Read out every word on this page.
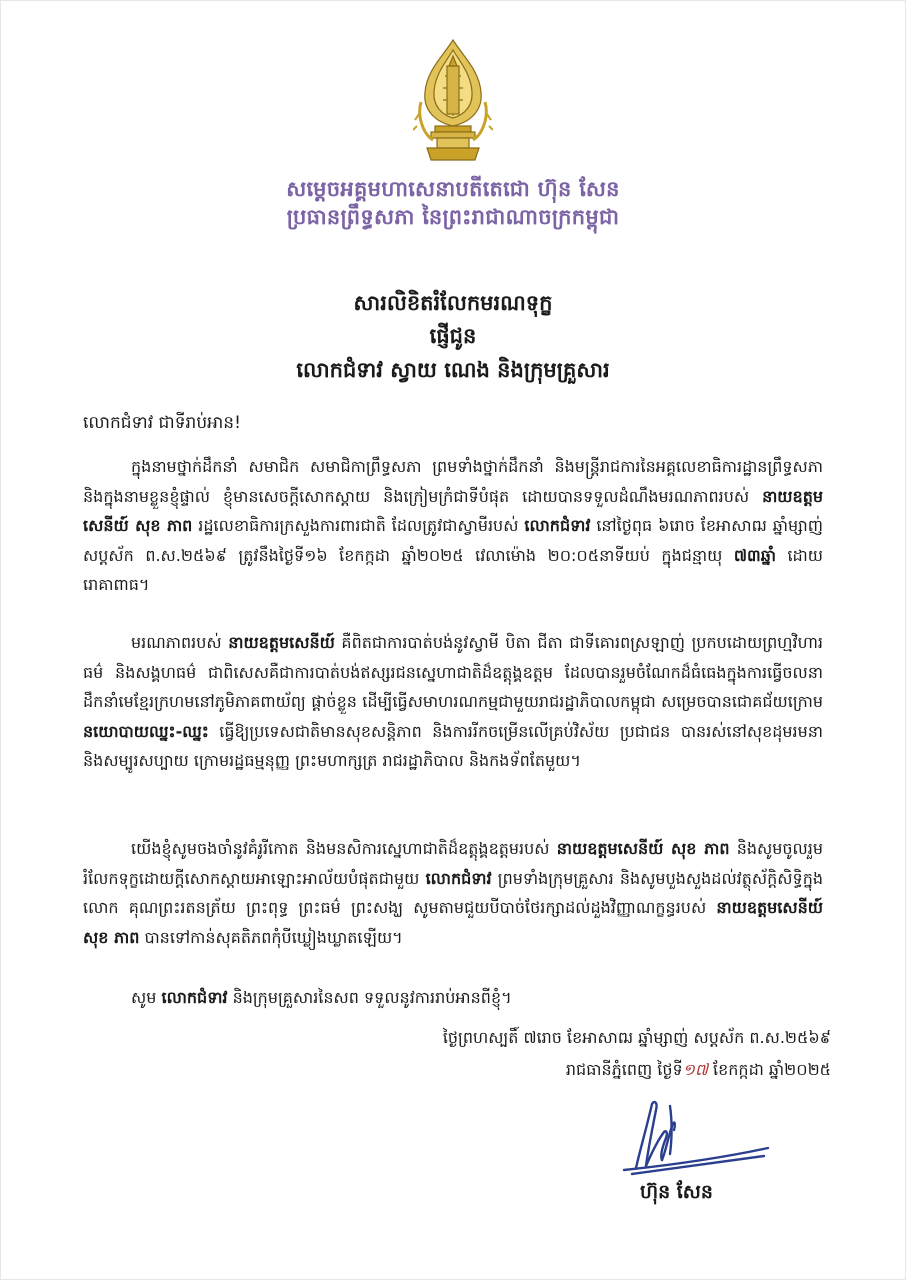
សម្តេចអគ្គមហាសេនាបតីតេជោ ហ៊ុន សែន
ប្រធានព្រឹទ្ធសភា នៃព្រះរាជាណាចក្រកម្ពុជា
សារលិខិតរំលែកមរណទុក្ខ
ផ្ញើជូន
លោកជំទាវ ស្វាយ ណេង និងក្រុមគ្រួសារ
លោកជំទាវ ជាទីរាប់អាន!

ក្នុងនាមថ្នាក់ដឹកនាំ សមាជិក សមាជិកាព្រឹទ្ធសភា ព្រមទាំងថ្នាក់ដឹកនាំ និងមន្ត្រីរាជការនៃអគ្គលេខាធិការដ្ឋានព្រឹទ្ធសភា និងក្នុងនាមខ្លួនខ្ញុំផ្ទាល់ ខ្ញុំមានសេចក្តីសោកស្តាយ និងក្រៀមក្រំជាទីបំផុត ដោយបានទទួលដំណឹងមរណភាពរបស់ នាយឧត្តមសេនីយ៍ សុខ ភាព រដ្ឋលេខាធិការក្រសួងការពារជាតិ ដែលត្រូវជាស្វាមីរបស់ លោកជំទាវ នៅថ្ងៃពុធ ៦រោច ខែអាសាឍ ឆ្នាំម្សាញ់ សប្តស័ក ព.ស.២៥៦៩ ត្រូវនឹងថ្ងៃទី១៦ ខែកក្កដា ឆ្នាំ២០២៥ វេលាម៉ោង ២០:០៥នាទីយប់ ក្នុងជន្មាយុ ៧៣ឆ្នាំ ដោយរោគាពាធ។

មរណភាពរបស់ នាយឧត្តមសេនីយ៍ គឺពិតជាការបាត់បង់នូវស្វាមី បិតា ជីតា ជាទីគោរពស្រឡាញ់ ប្រកបដោយព្រហ្មវិហារធម៌ និងសង្គហធម៌ ជាពិសេសគឺជាការបាត់បង់ឥស្សរជនស្នេហាជាតិដ៏ឧត្តុង្គឧត្តម ដែលបានរួមចំណែកដ៏ធំធេងក្នុងការធ្វើចលនាដឹកនាំមេខ្មែរក្រហមនៅភូមិភាគពាយ័ព្យ ផ្តាច់ខ្លួន ដើម្បីធ្វើសមាហរណកម្មជាមួយរាជរដ្ឋាភិបាលកម្ពុជា សម្រេចបានជោគជ័យក្រោម នយោបាយឈ្នះ-ឈ្នះ ធ្វើឱ្យប្រទេសជាតិមានសុខសន្តិភាព និងការរីកចម្រើនលើគ្រប់វិស័យ ប្រជាជន បានរស់នៅសុខដុមរមនា និងសម្បូរសប្បាយ ក្រោមរដ្ឋធម្មនុញ្ញ ព្រះមហាក្សត្រ រាជរដ្ឋាភិបាល និងកងទ័ពតែមួយ។

យើងខ្ញុំសូមចងចាំនូវគំរូរីកោត និងមនសិការស្នេហាជាតិដ៏ឧត្តុង្គឧត្តមរបស់ នាយឧត្តមសេនីយ៍ សុខ ភាព និងសូមចូលរួមរំលែកទុក្ខដោយក្តីសោកស្តាយអាឡោះអាល័យបំផុតជាមួយ លោកជំទាវ ព្រមទាំងក្រុមគ្រួសារ និងសូមបួងសួងដល់វត្ថុស័ក្តិសិទ្ធិក្នុងលោក គុណព្រះរតនត្រ័យ ព្រះពុទ្ធ ព្រះធម៌ ព្រះសង្ឃ សូមតាមជួយបីបាច់ថែរក្សាដល់ដួងវិញ្ញាណក្ខន្ធរបស់ នាយឧត្តមសេនីយ៍ សុខ ភាព បានទៅកាន់សុគតិភពកុំបីឃ្លៀងឃ្លាតឡើយ។

សូម លោកជំទាវ និងក្រុមគ្រួសារនៃសព ទទួលនូវការរាប់អានពីខ្ញុំ។
ថ្ងៃព្រហស្បតិ៍ ៧រោច ខែអាសាឍ ឆ្នាំម្សាញ់ សប្តស័ក ព.ស.២៥៦៩
រាជធានីភ្នំពេញ ថ្ងៃទី១៧ ខែកក្កដា ឆ្នាំ២០២៥
ហ៊ុន សែន
